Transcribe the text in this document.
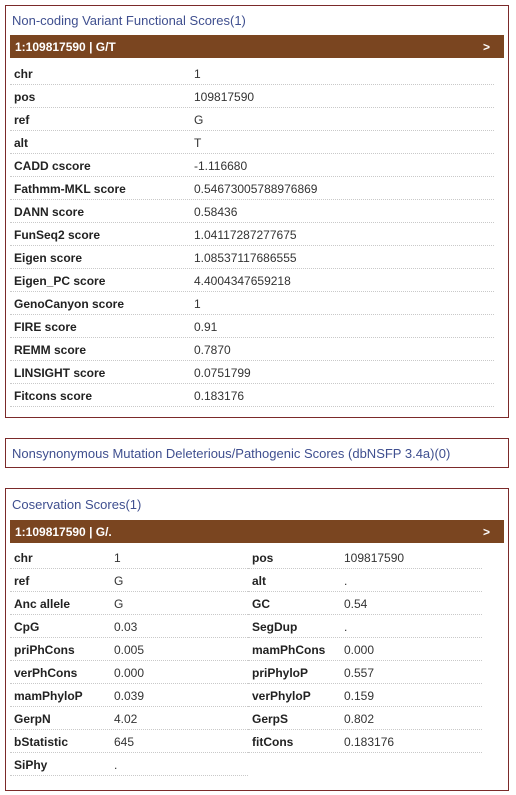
Non-coding Variant Functional Scores(1)
1:109817590 | G/T	>
chr	1
pos	109817590
ref	G
alt	T
CADD cscore	-1.116680
Fathmm-MKL score	0.54673005788976869
DANN score	0.58436
FunSeq2 score	1.04117287277675
Eigen score	1.08537117686555
Eigen_PC score	4.4004347659218
GenoCanyon score	1
FIRE score	0.91
REMM score	0.7870
LINSIGHT score	0.0751799
Fitcons score	0.183176
Nonsynonymous Mutation Deleterious/Pathogenic Scores (dbNSFP 3.4a)(0)
Coservation Scores(1)
1:109817590 | G/.	>
chr	1	pos	109817590
ref	G	alt	.
Anc allele	G	GC	0.54
CpG	0.03	SegDup	.
priPhCons	0.005	mamPhCons 0.000
verPhCons	0.000	priPhyloP	0.557
mamPhyloP	0.039	verPhyloP	0.159
GerpN	4.02	GerpS	0.802
bStatistic	645	fitCons	0.183176
SiPhy	.
